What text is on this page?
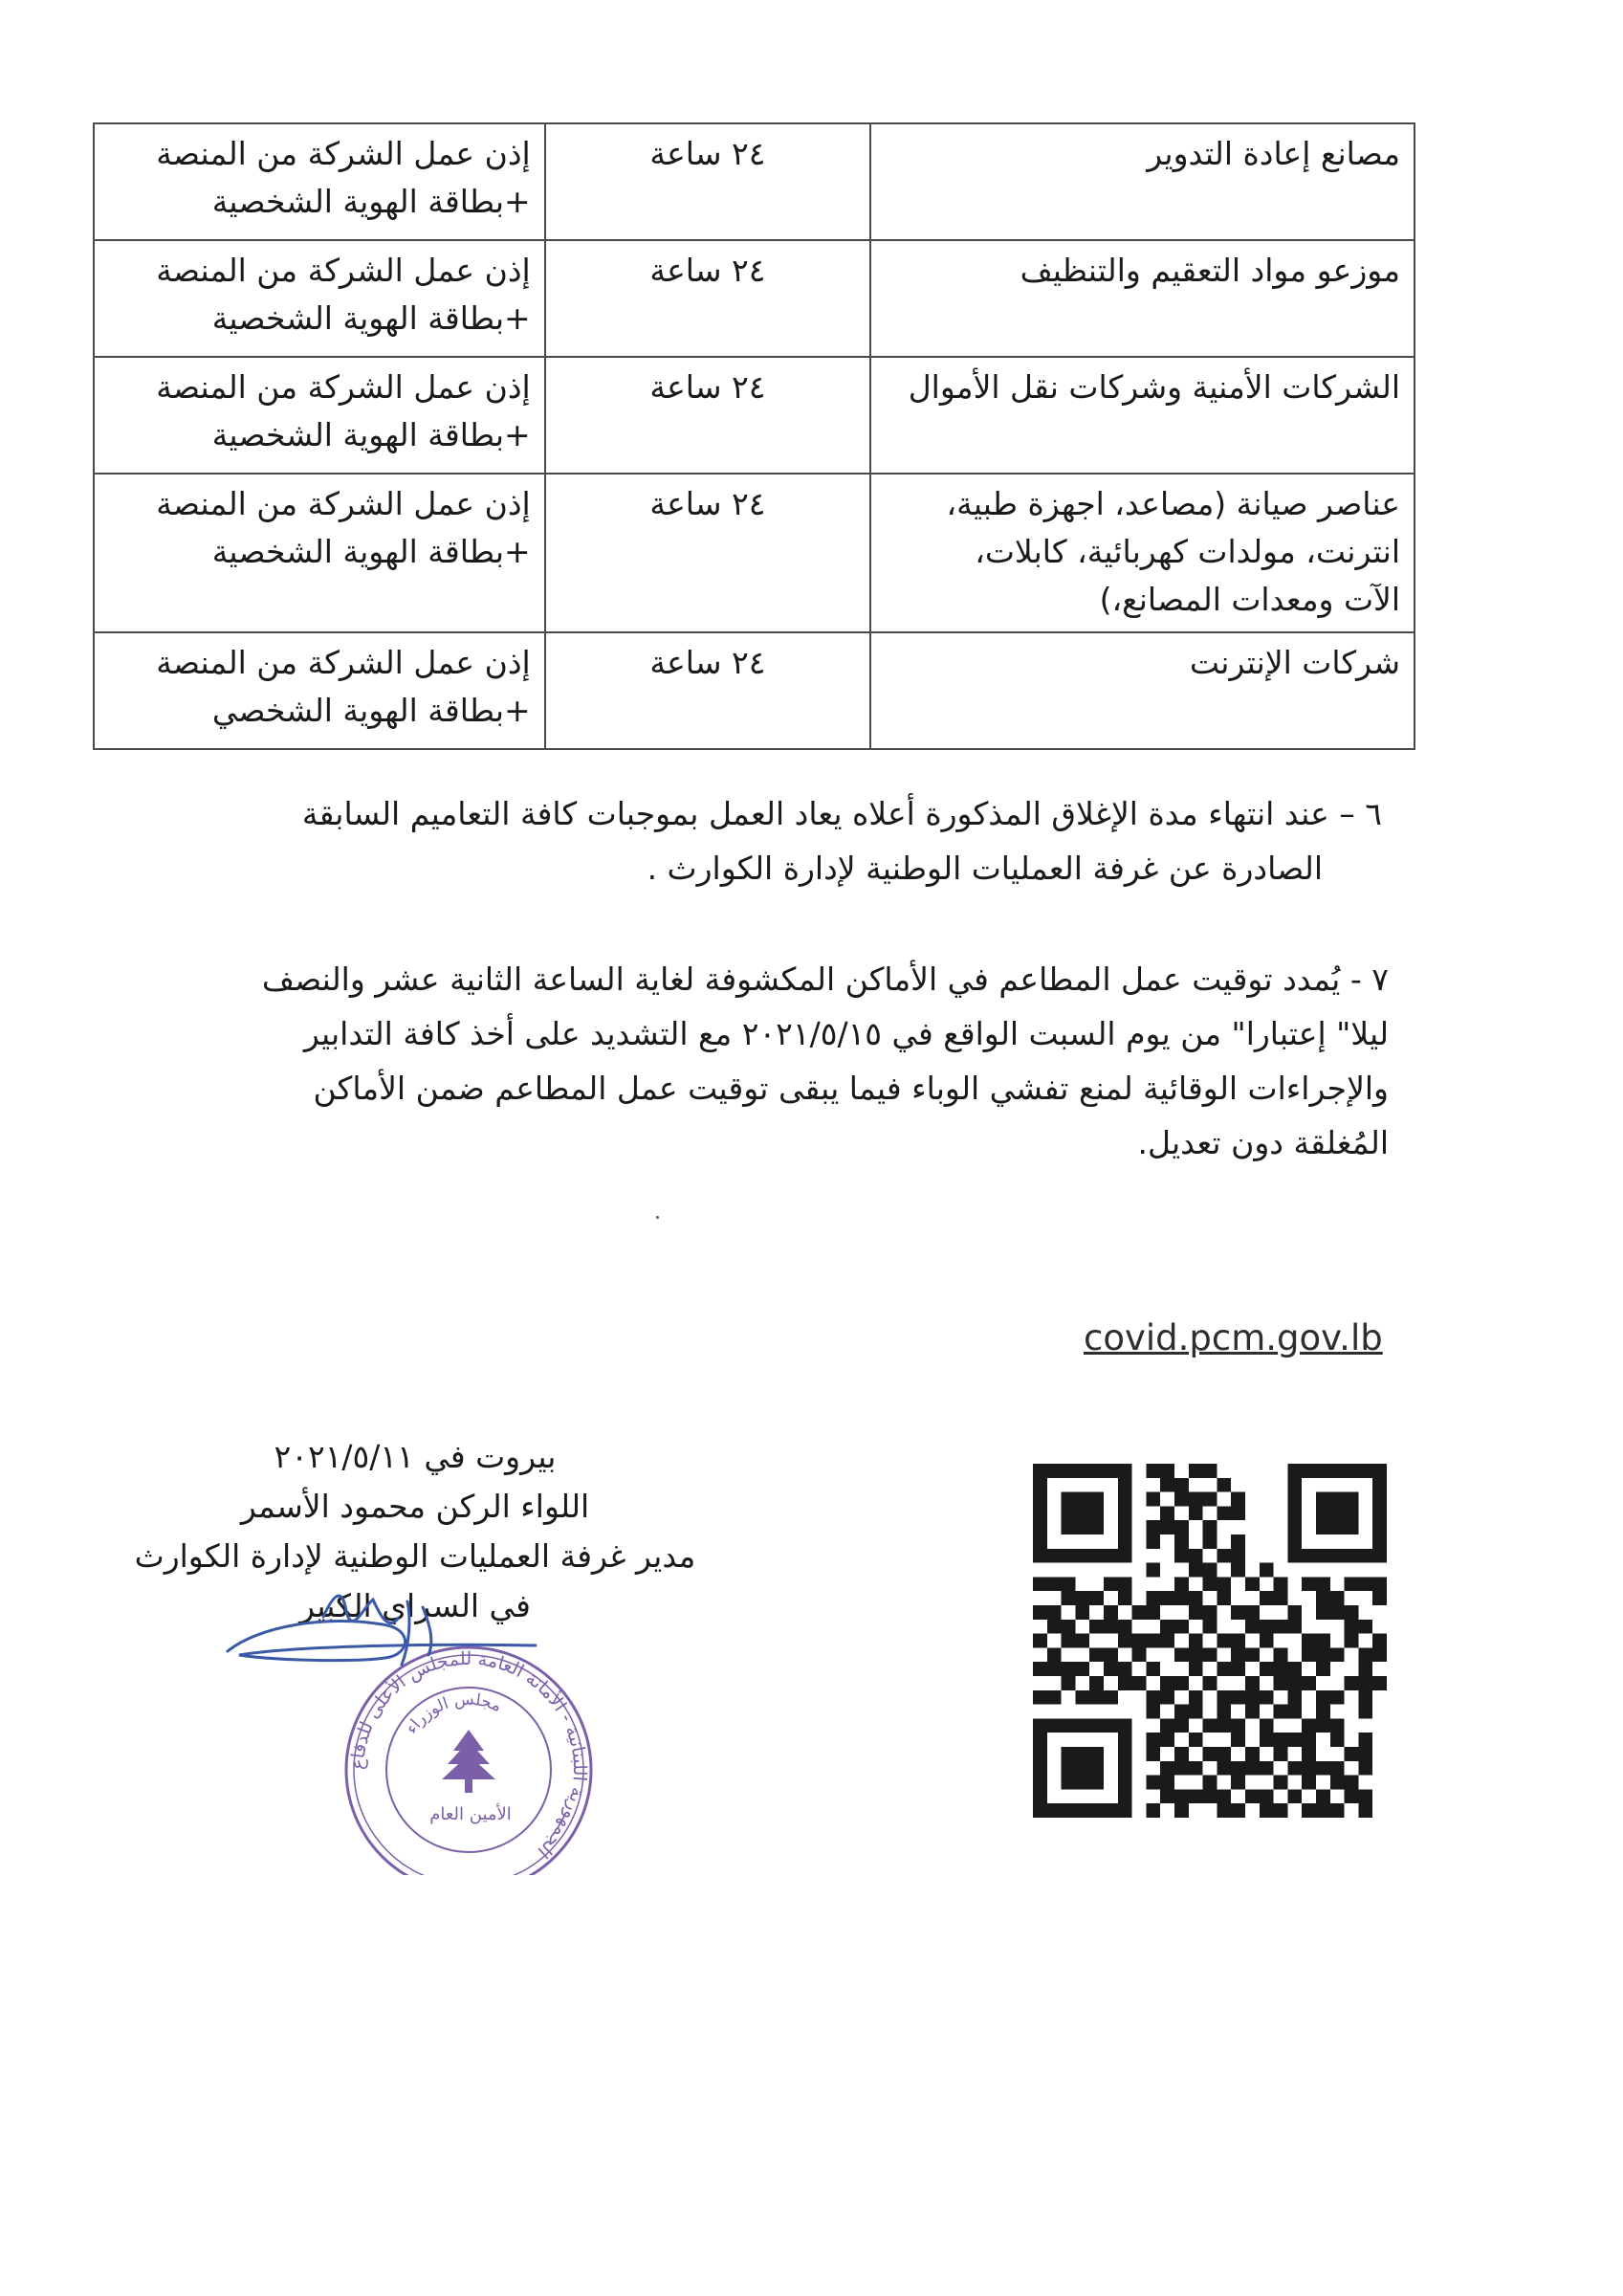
مصانع إعادة التدوير	٢٤ ساعة	إذن عمل الشركة من المنصة
+بطاقة الهوية الشخصية

موزعو مواد التعقيم والتنظيف	٢٤ ساعة	إذن عمل الشركة من المنصة
+بطاقة الهوية الشخصية

الشركات الأمنية وشركات نقل الأموال	٢٤ ساعة	إذن عمل الشركة من المنصة
+بطاقة الهوية الشخصية

عناصر صيانة (مصاعد، اجهزة طبية،
انترنت، مولدات كهربائية، كابلات،
الآت ومعدات المصانع،)	٢٤ ساعة	إذن عمل الشركة من المنصة
+بطاقة الهوية الشخصية

شركات الإنترنت	٢٤ ساعة	إذن عمل الشركة من المنصة
+بطاقة الهوية الشخصي
٦ – عند انتهاء مدة الإغلاق المذكورة أعلاه يعاد العمل بموجبات كافة التعاميم السابقة
الصادرة عن غرفة العمليات الوطنية لإدارة الكوارث .
٧ - يُمدد توقيت عمل المطاعم في الأماكن المكشوفة لغاية الساعة الثانية عشر والنصف
ليلا" إعتبارا" من يوم السبت الواقع في ٢٠٢١/٥/١٥ مع التشديد على أخذ كافة التدابير
والإجراءات الوقائية لمنع تفشي الوباء فيما يبقى توقيت عمل المطاعم ضمن الأماكن
المُغلقة دون تعديل.
covid.pcm.gov.lb
بيروت في ٢٠٢١/٥/١١
اللواء الركن محمود الأسمر
مدير غرفة العمليات الوطنية لإدارة الكوارث
في السراي الكبير
الجمهورية اللبنانية - الأمانة العامة للمجلس الأعلى للدفاع
مجلس الوزراء
الأمين العام
